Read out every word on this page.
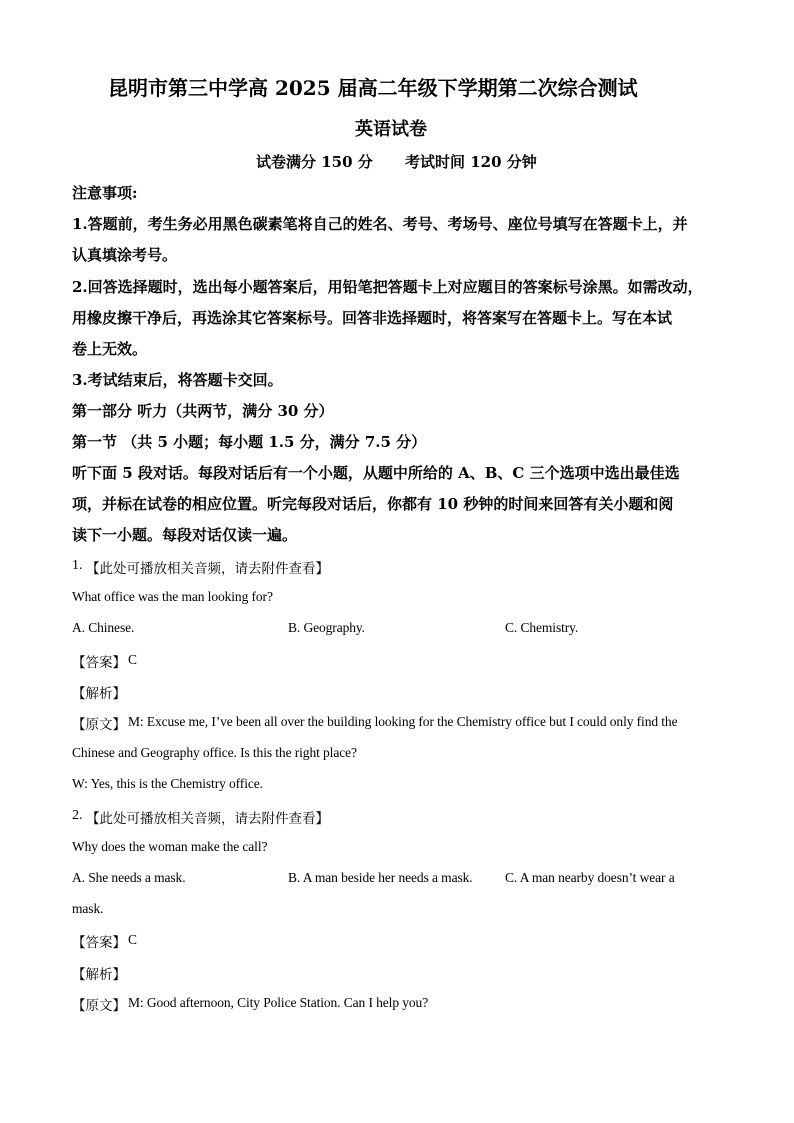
昆明市第三中学高 2025 届高二年级下学期第二次综合测试
英语试卷
试卷满分 150 分 考试时间 120 分钟
注意事项:
1.答题前，考生务必用黑色碳素笔将自己的姓名、考号、考场号、座位号填写在答题卡上，并
认真填涂考号。
2.回答选择题时，选出每小题答案后，用铅笔把答题卡上对应题目的答案标号涂黑。如需改动，
用橡皮擦干净后，再选涂其它答案标号。回答非选择题时，将答案写在答题卡上。写在本试
卷上无效。
3.考试结束后，将答题卡交回。
第一部分 听力（共两节，满分 30 分）
第一节 （共 5 小题；每小题 1.5 分，满分 7.5 分）
听下面 5 段对话。每段对话后有一个小题，从题中所给的 A、B、C 三个选项中选出最佳选
项，并标在试卷的相应位置。听完每段对话后，你都有 10 秒钟的时间来回答有关小题和阅
读下一小题。每段对话仅读一遍。
1. 【此处可播放相关音频，请去附件查看】
What office was the man looking for?
A. Chinese.	B. Geography.	C. Chemistry.
【答案】 C
【解析】
【原文】 M: Excuse me, I’ve been all over the building looking for the Chemistry office but I could only find the
Chinese and Geography office. Is this the right place?
W: Yes, this is the Chemistry office.
2. 【此处可播放相关音频，请去附件查看】
Why does the woman make the call?
A. She needs a mask.	B. A man beside her needs a mask. C. A man nearby doesn’t wear a
mask.
【答案】 C
【解析】
【原文】 M: Good afternoon, City Police Station. Can I help you?
